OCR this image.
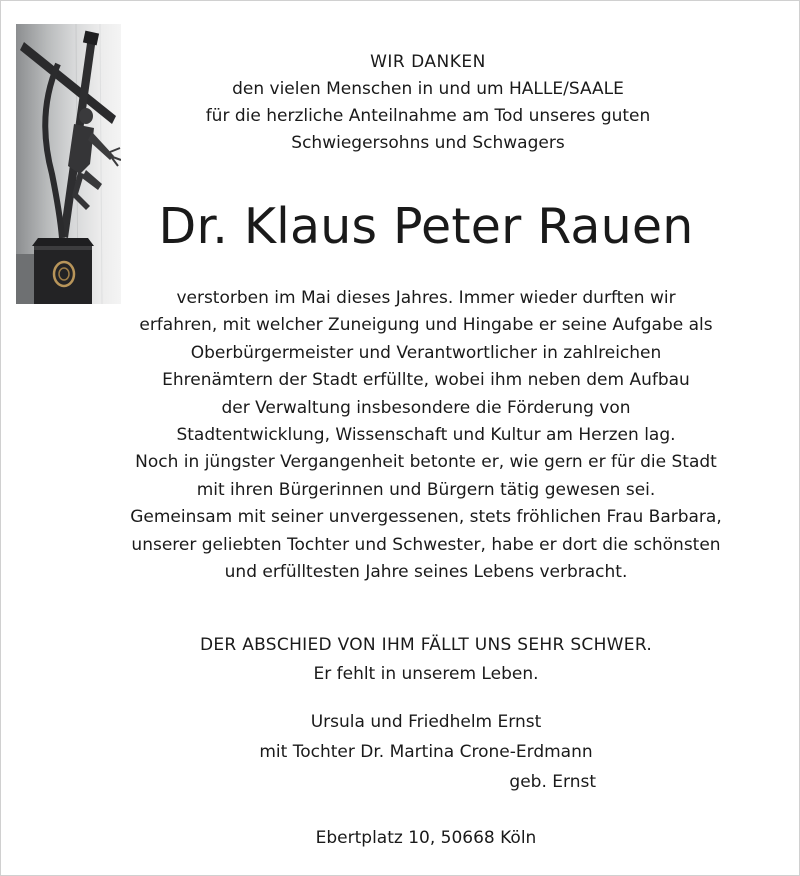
WIR DANKEN
den vielen Menschen in und um HALLE/SAALE
für die herzliche Anteilnahme am Tod unseres guten
Schwiegersohns und Schwagers
Dr. Klaus Peter Rauen
verstorben im Mai dieses Jahres. Immer wieder durften wir
erfahren, mit welcher Zuneigung und Hingabe er seine Aufgabe als
Oberbürgermeister und Verantwortlicher in zahlreichen
Ehrenämtern der Stadt erfüllte, wobei ihm neben dem Aufbau
der Verwaltung insbesondere die Förderung von
Stadtentwicklung, Wissenschaft und Kultur am Herzen lag.
Noch in jüngster Vergangenheit betonte er, wie gern er für die Stadt
mit ihren Bürgerinnen und Bürgern tätig gewesen sei.
Gemeinsam mit seiner unvergessenen, stets fröhlichen Frau Barbara,
unserer geliebten Tochter und Schwester, habe er dort die schönsten
und erfülltesten Jahre seines Lebens verbracht.
DER ABSCHIED VON IHM FÄLLT UNS SEHR SCHWER.
Er fehlt in unserem Leben.
Ursula und Friedhelm Ernst
mit Tochter Dr. Martina Crone-Erdmann
geb. Ernst
Ebertplatz 10, 50668 Köln
